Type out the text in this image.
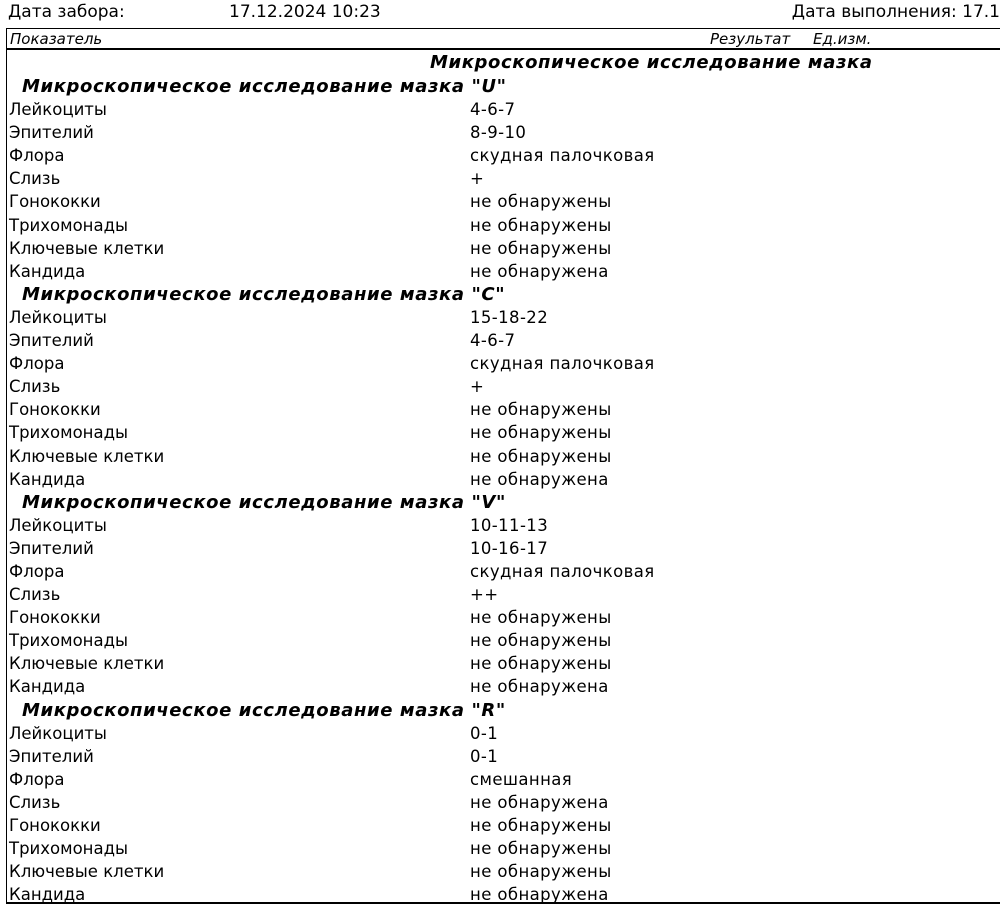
Дата забора:	17.12.2024 10:23	Дата выполнения: 17.1
Показатель	Результат Ед.изм.
Микроскопическое исследование мазка
Микроскопическое исследование мазка "U"
Лейкоциты	4-6-7
Эпителий	8-9-10
Флора	скудная палочковая
Слизь	+
Гонококки	не обнаружены
Трихомонады	не обнаружены
Ключевые клетки	не обнаружены
Кандида	не обнаружена
Микроскопическое исследование мазка "C"
Лейкоциты	15-18-22
Эпителий	4-6-7
Флора	скудная палочковая
Слизь	+
Гонококки	не обнаружены
Трихомонады	не обнаружены
Ключевые клетки	не обнаружены
Кандида	не обнаружена
Микроскопическое исследование мазка "V"
Лейкоциты	10-11-13
Эпителий	10-16-17
Флора	скудная палочковая
Слизь	++
Гонококки	не обнаружены
Трихомонады	не обнаружены
Ключевые клетки	не обнаружены
Кандида	не обнаружена
Микроскопическое исследование мазка "R"
Лейкоциты	0-1
Эпителий	0-1
Флора	смешанная
Слизь	не обнаружена
Гонококки	не обнаружены
Трихомонады	не обнаружены
Ключевые клетки	не обнаружены
Кандида	не обнаружена
